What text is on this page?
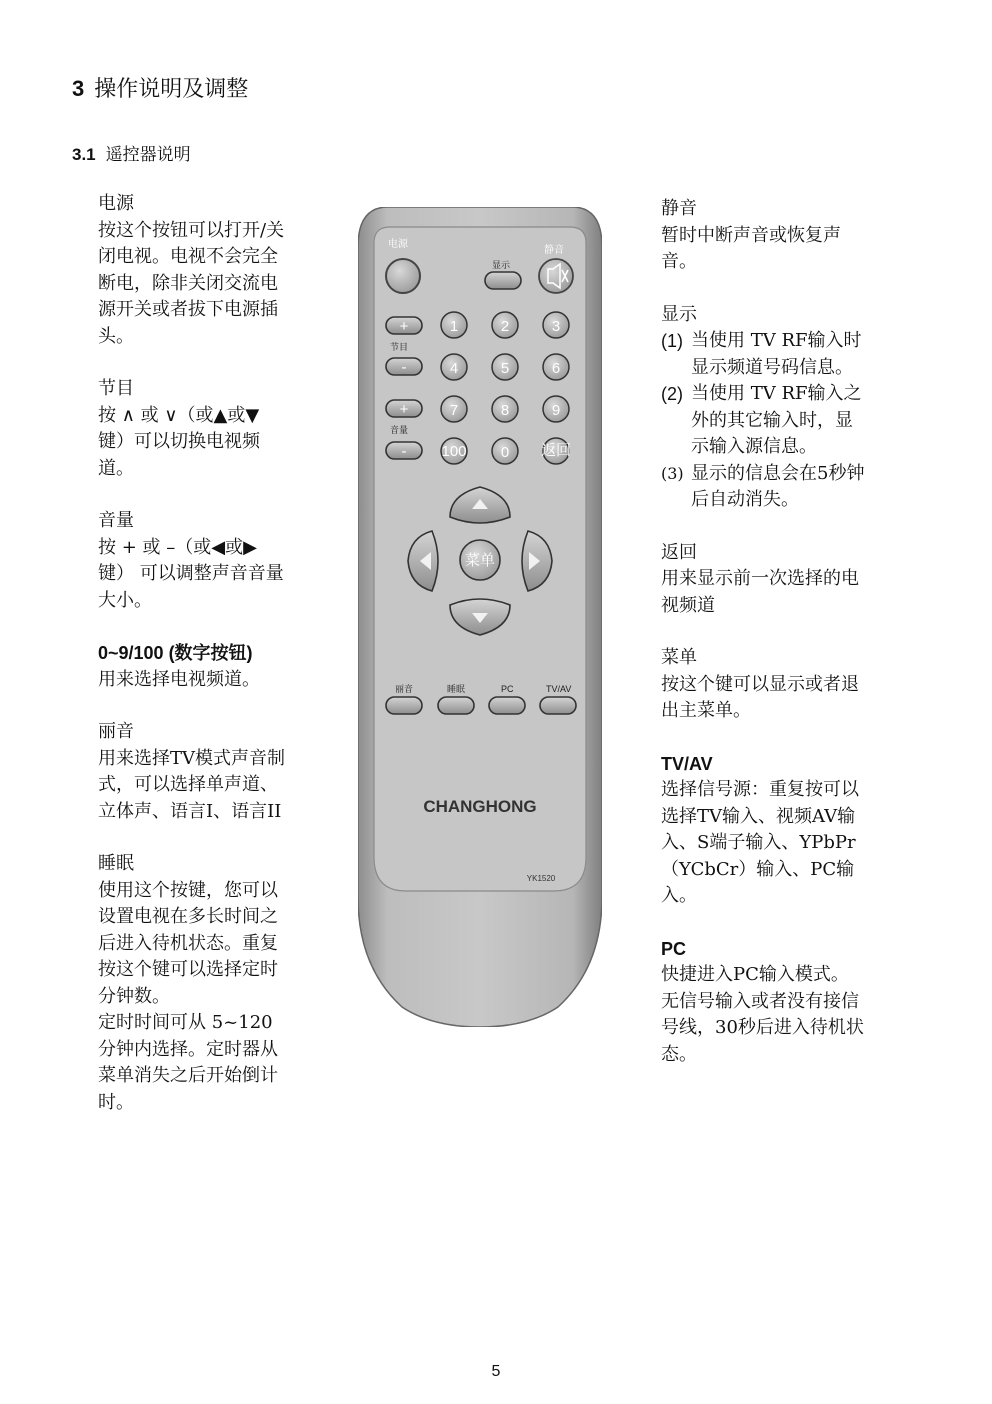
3 操作说明及调整
3.1 遥控器说明
电源
按这个按钮可以打开/关
闭电视。电视不会完全
断电，除非关闭交流电
源开关或者拔下电源插
头。
节目
按 ∧ 或 ∨（或▲或▼
键）可以切换电视频
道。
音量
按 + 或 –（或◀或▶
键） 可以调整声音音量
大小。
0~9/100 (数字按钮)
用来选择电视频道。
丽音
用来选择TV模式声音制
式，可以选择单声道、
立体声、语言I、语言II
睡眠
使用这个按键，您可以
设置电视在多长时间之
后进入待机状态。重复
按这个键可以选择定时
分钟数。
定时时间可从 5~120
分钟内选择。定时器从
菜单消失之后开始倒计
时。
静音
暂时中断声音或恢复声
音。
显示
(1) 当使用 TV RF输入时
显示频道号码信息。
(2) 当使用 TV RF输入之
外的其它输入时，显
示输入源信息。
(3) 显示的信息会在5秒钟
后自动消失。
返回
用来显示前一次选择的电
视频道
菜单
按这个键可以显示或者退
出主菜单。
TV/AV
选择信号源：重复按可以
选择TV输入、视频AV输
入、S端子输入、YPbPr
（YCbCr）输入、PC输
入。
PC
快捷进入PC输入模式。
无信号输入或者没有接信
号线，30秒后进入待机状
态。
电源
显示
静音
+
节目
-
+
音量
-
1	2	3
4	5	6
7	8	9
100 0 返回
菜单
丽音	睡眠	PC	TV/AV
CHANGHONG
YK1520
5
